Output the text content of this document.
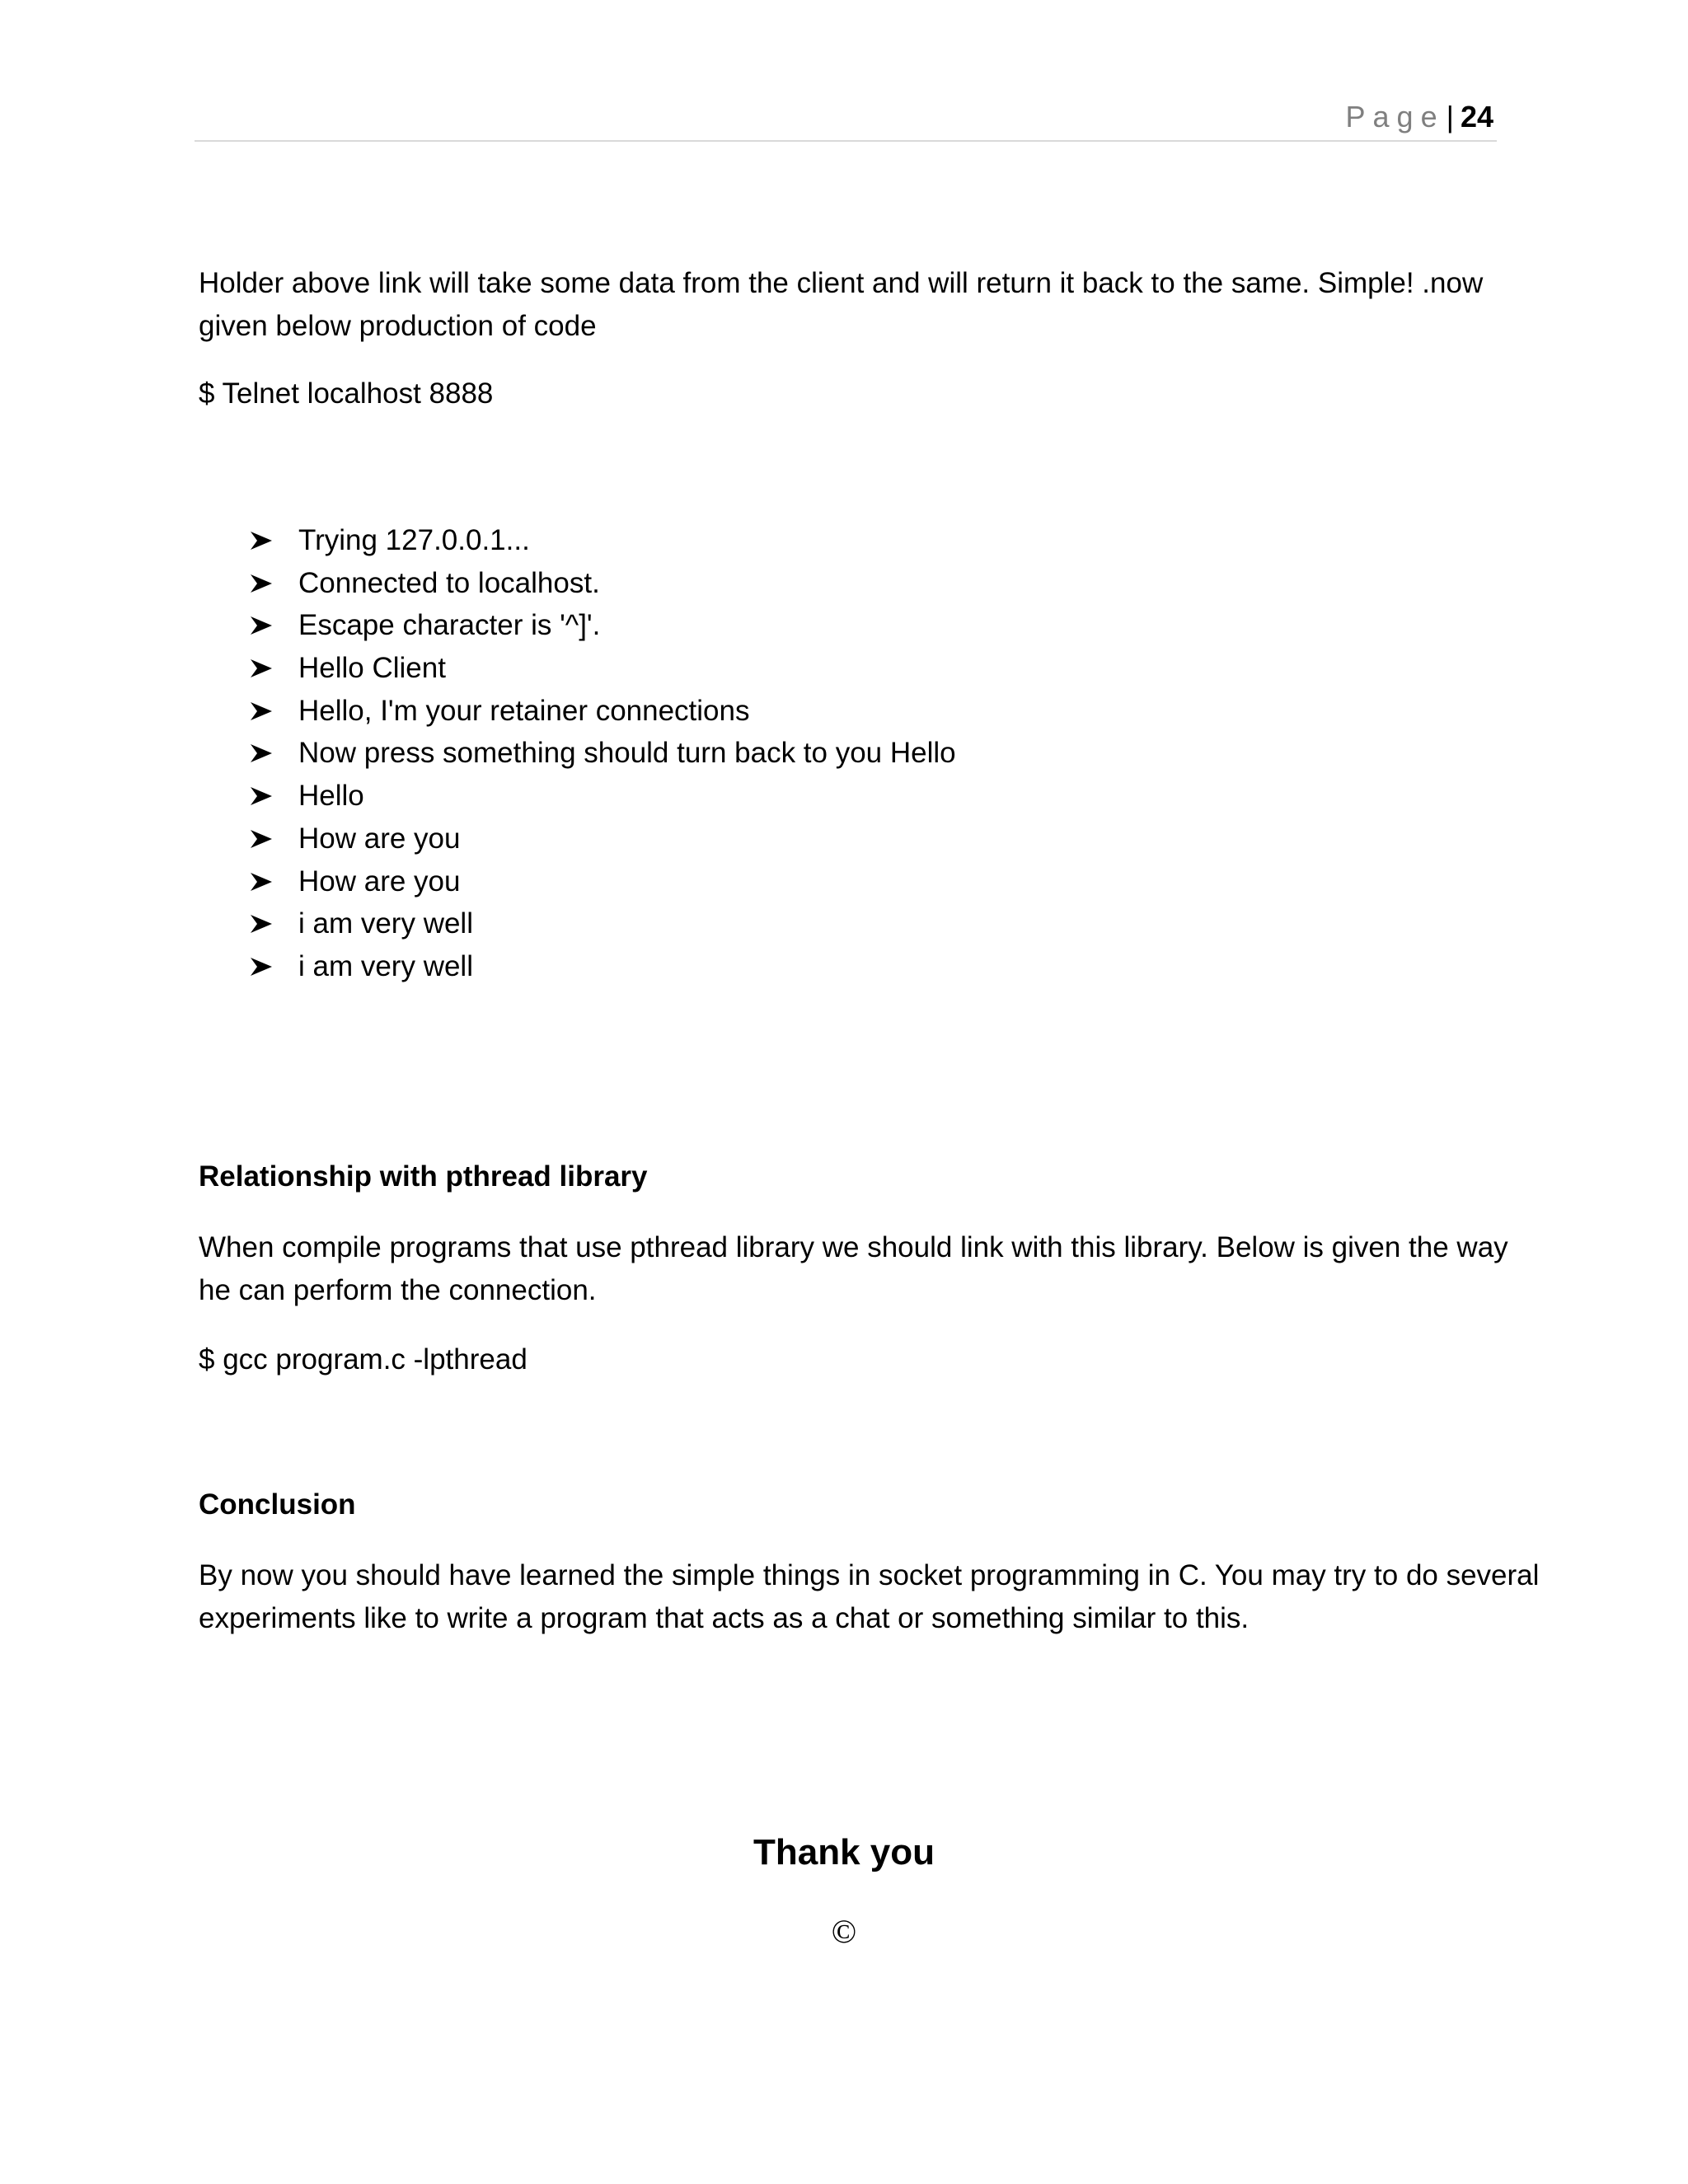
Page| 24
Holder above link will take some data from the client and will return it back to the same. Simple! .now
given below production of code
$ Telnet localhost 8888
Trying 127.0.0.1...
Connected to localhost.
Escape character is '^]'.
Hello Client
Hello, I'm your retainer connections
Now press something should turn back to you Hello
Hello
How are you
How are you
i am very well
i am very well
Relationship with pthread library
When compile programs that use pthread library we should link with this library. Below is given the way
he can perform the connection.
$ gcc program.c -lpthread
Conclusion
By now you should have learned the simple things in socket programming in C. You may try to do several
experiments like to write a program that acts as a chat or something similar to this.
Thank you
©
